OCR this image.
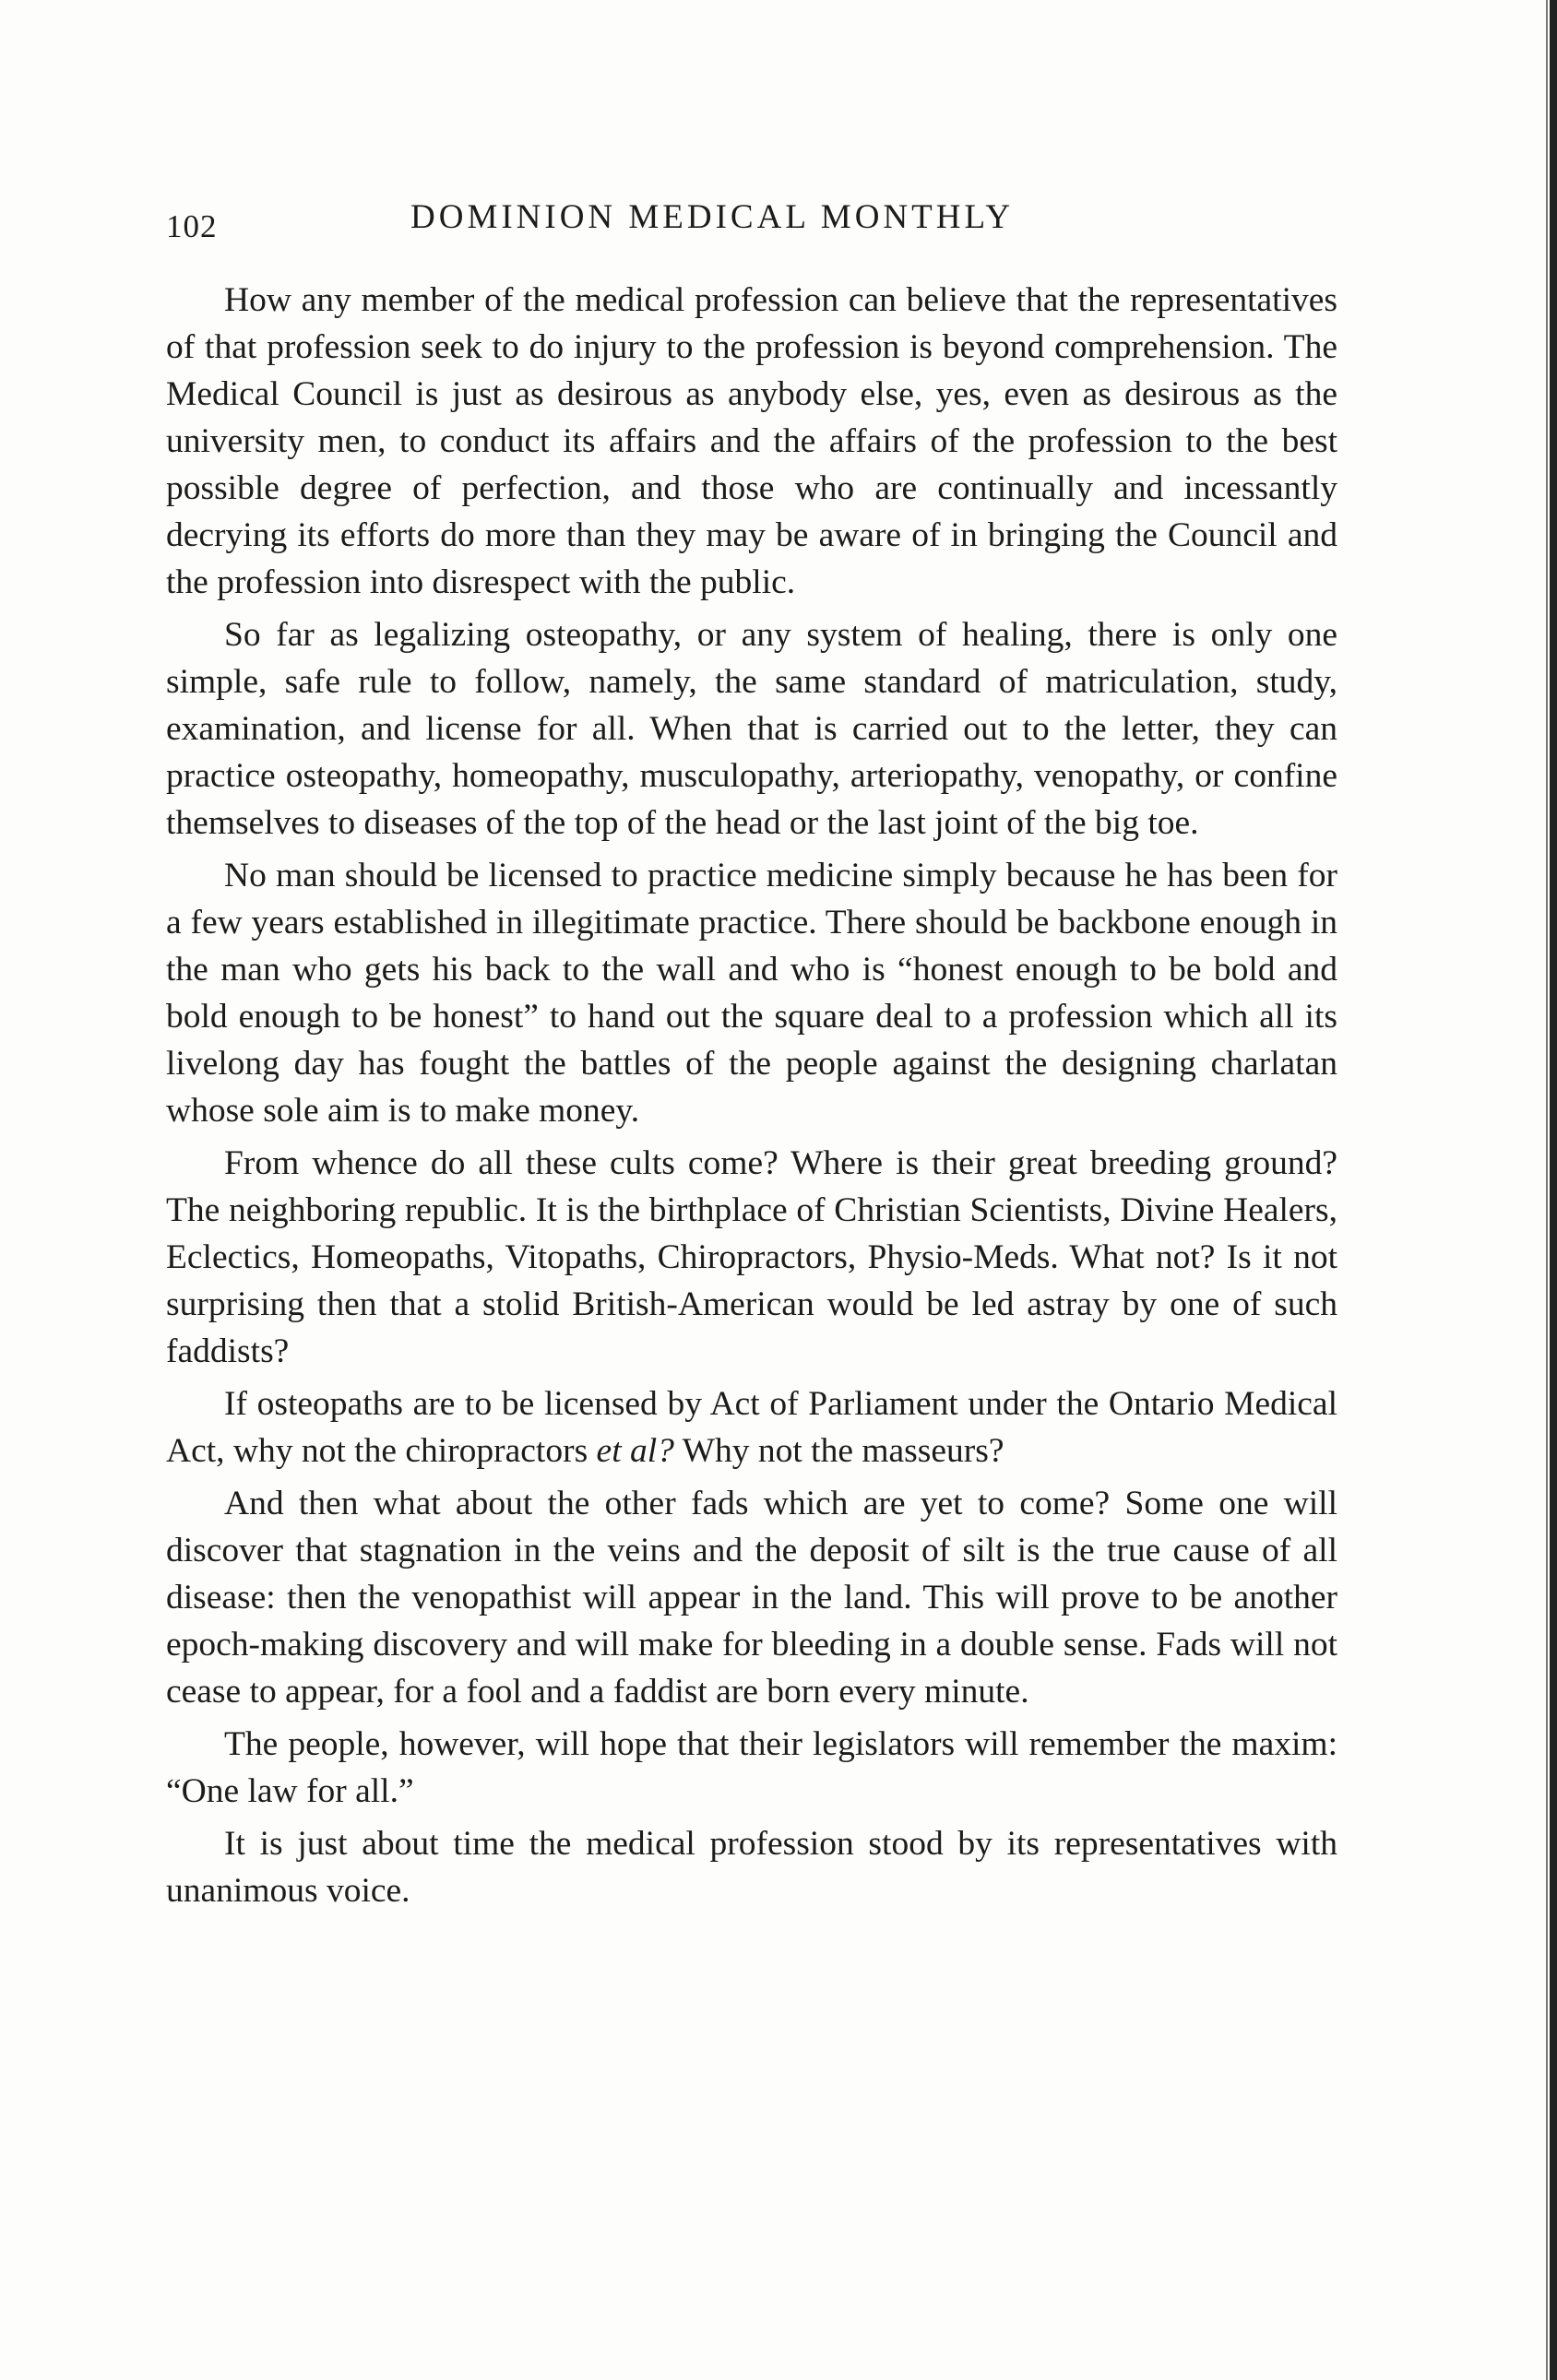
102	DOMINION MEDICAL MONTHLY

How any member of the medical profession can believe that the representatives of that profession seek to do injury to the profession is beyond comprehension. The Medical Council is just as desirous as anybody else, yes, even as desirous as the university men, to conduct its affairs and the affairs of the profession to the best possible degree of perfection, and those who are continually and incessantly decrying its efforts do more than they may be aware of in bringing the Council and the profession into disrespect with the public.

So far as legalizing osteopathy, or any system of healing, there is only one simple, safe rule to follow, namely, the same standard of matriculation, study, examination, and license for all. When that is carried out to the letter, they can practice osteopathy, homeopathy, musculopathy, arteriopathy, venopathy, or confine themselves to diseases of the top of the head or the last joint of the big toe.

No man should be licensed to practice medicine simply because he has been for a few years established in illegitimate practice. There should be backbone enough in the man who gets his back to the wall and who is “honest enough to be bold and bold enough to be honest” to hand out the square deal to a profession which all its livelong day has fought the battles of the people against the designing charlatan whose sole aim is to make money.

From whence do all these cults come? Where is their great breeding ground? The neighboring republic. It is the birthplace of Christian Scientists, Divine Healers, Eclectics, Homeopaths, Vitopaths, Chiropractors, Physio-Meds. What not? Is it not surprising then that a stolid British-American would be led astray by one of such faddists?

If osteopaths are to be licensed by Act of Parliament under the Ontario Medical Act, why not the chiropractors et al? Why not the masseurs?

And then what about the other fads which are yet to come? Some one will discover that stagnation in the veins and the deposit of silt is the true cause of all disease: then the venopathist will appear in the land. This will prove to be another epoch-making discovery and will make for bleeding in a double sense. Fads will not cease to appear, for a fool and a faddist are born every minute.

The people, however, will hope that their legislators will remember the maxim: “One law for all.”

It is just about time the medical profession stood by its representatives with unanimous voice.
